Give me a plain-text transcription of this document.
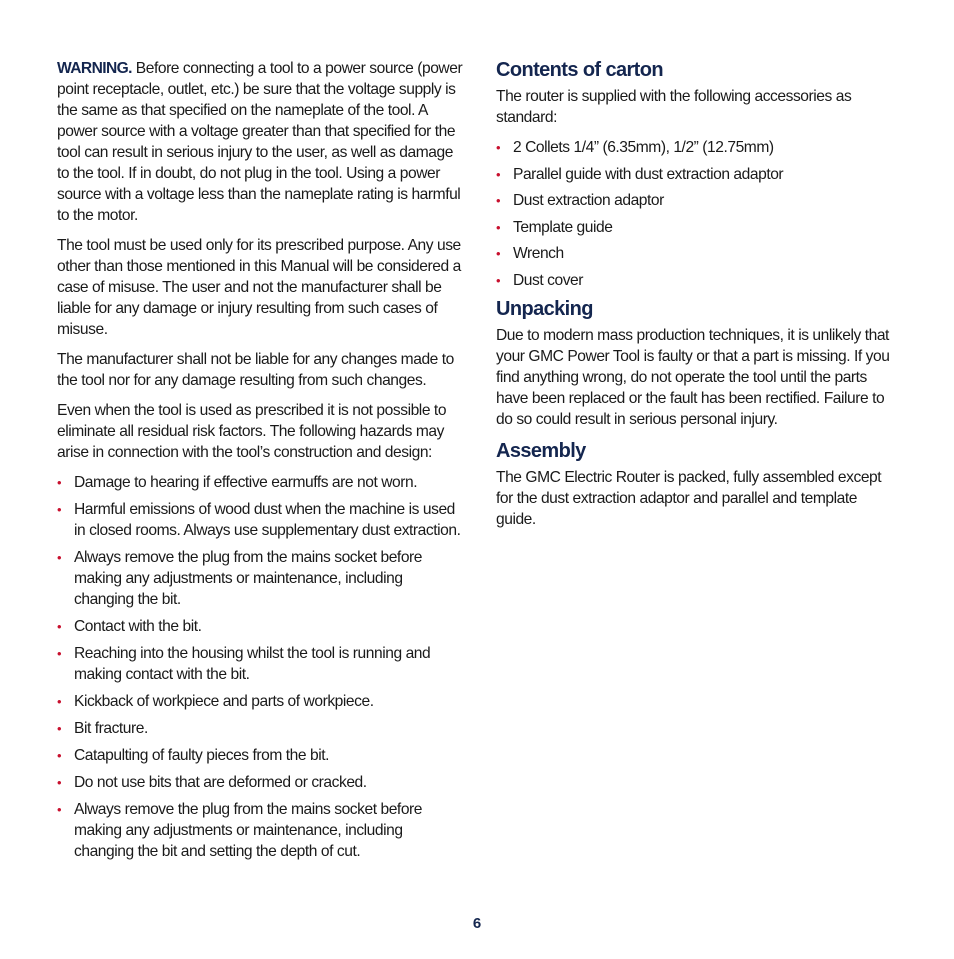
WARNING. Before connecting a tool to a power source (power point receptacle, outlet, etc.) be sure that the voltage supply is the same as that specified on the nameplate of the tool. A power source with a voltage greater than that specified for the tool can result in serious injury to the user, as well as damage to the tool. If in doubt, do not plug in the tool. Using a power source with a voltage less than the nameplate rating is harmful to the motor.

The tool must be used only for its prescribed purpose. Any use other than those mentioned in this Manual will be considered a case of misuse. The user and not the manufacturer shall be liable for any damage or injury resulting from such cases of misuse.

The manufacturer shall not be liable for any changes made to the tool nor for any damage resulting from such changes.

Even when the tool is used as prescribed it is not possible to eliminate all residual risk factors. The following hazards may arise in connection with the tool’s construction and design:

• Damage to hearing if effective earmuffs are not worn.
• Harmful emissions of wood dust when the machine is used in closed rooms. Always use supplementary dust extraction.
• Always remove the plug from the mains socket before making any adjustments or maintenance, including changing the bit.
• Contact with the bit.
• Reaching into the housing whilst the tool is running and making contact with the bit.
• Kickback of workpiece and parts of workpiece.
• Bit fracture.
• Catapulting of faulty pieces from the bit.
• Do not use bits that are deformed or cracked.
• Always remove the plug from the mains socket before making any adjustments or maintenance, including changing the bit and setting the depth of cut.
Contents of carton

The router is supplied with the following accessories as standard:

• 2 Collets 1/4” (6.35mm), 1/2” (12.75mm)
• Parallel guide with dust extraction adaptor
• Dust extraction adaptor
• Template guide
• Wrench
• Dust cover
Unpacking

Due to modern mass production techniques, it is unlikely that your GMC Power Tool is faulty or that a part is missing. If you find anything wrong, do not operate the tool until the parts have been replaced or the fault has been rectified. Failure to do so could result in serious personal injury.

Assembly

The GMC Electric Router is packed, fully assembled except for the dust extraction adaptor and parallel and template guide.

6
